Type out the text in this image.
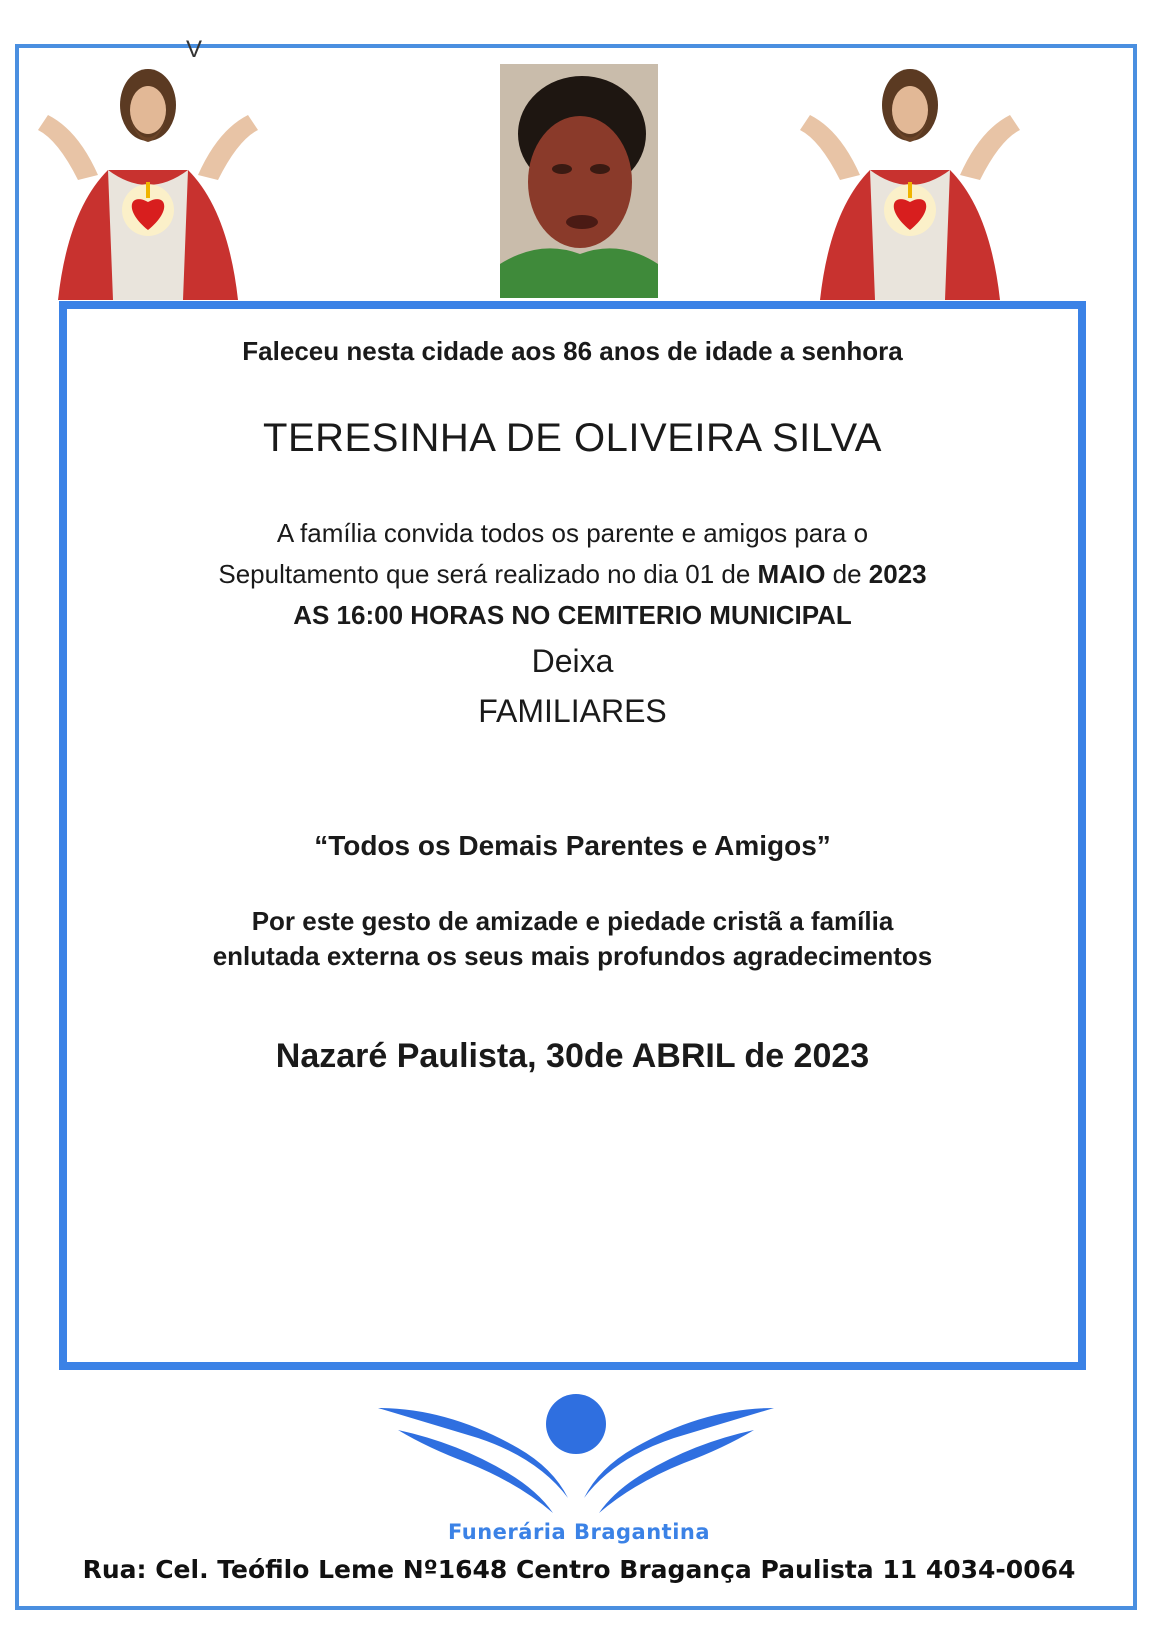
V
Faleceu nesta cidade aos 86 anos de idade a senhora
TERESINHA DE OLIVEIRA SILVA
A família convida todos os parente e amigos para o
Sepultamento que será realizado no dia 01 de MAIO de 2023
AS 16:00 HORAS NO CEMITERIO MUNICIPAL
Deixa
FAMILIARES
“Todos os Demais Parentes e Amigos”
Por este gesto de amizade e piedade cristã a família
enlutada externa os seus mais profundos agradecimentos
Nazaré Paulista, 30de ABRIL de 2023
Funerária Bragantina
Rua: Cel. Teófilo Leme Nº1648 Centro Bragança Paulista 11 4034-0064
